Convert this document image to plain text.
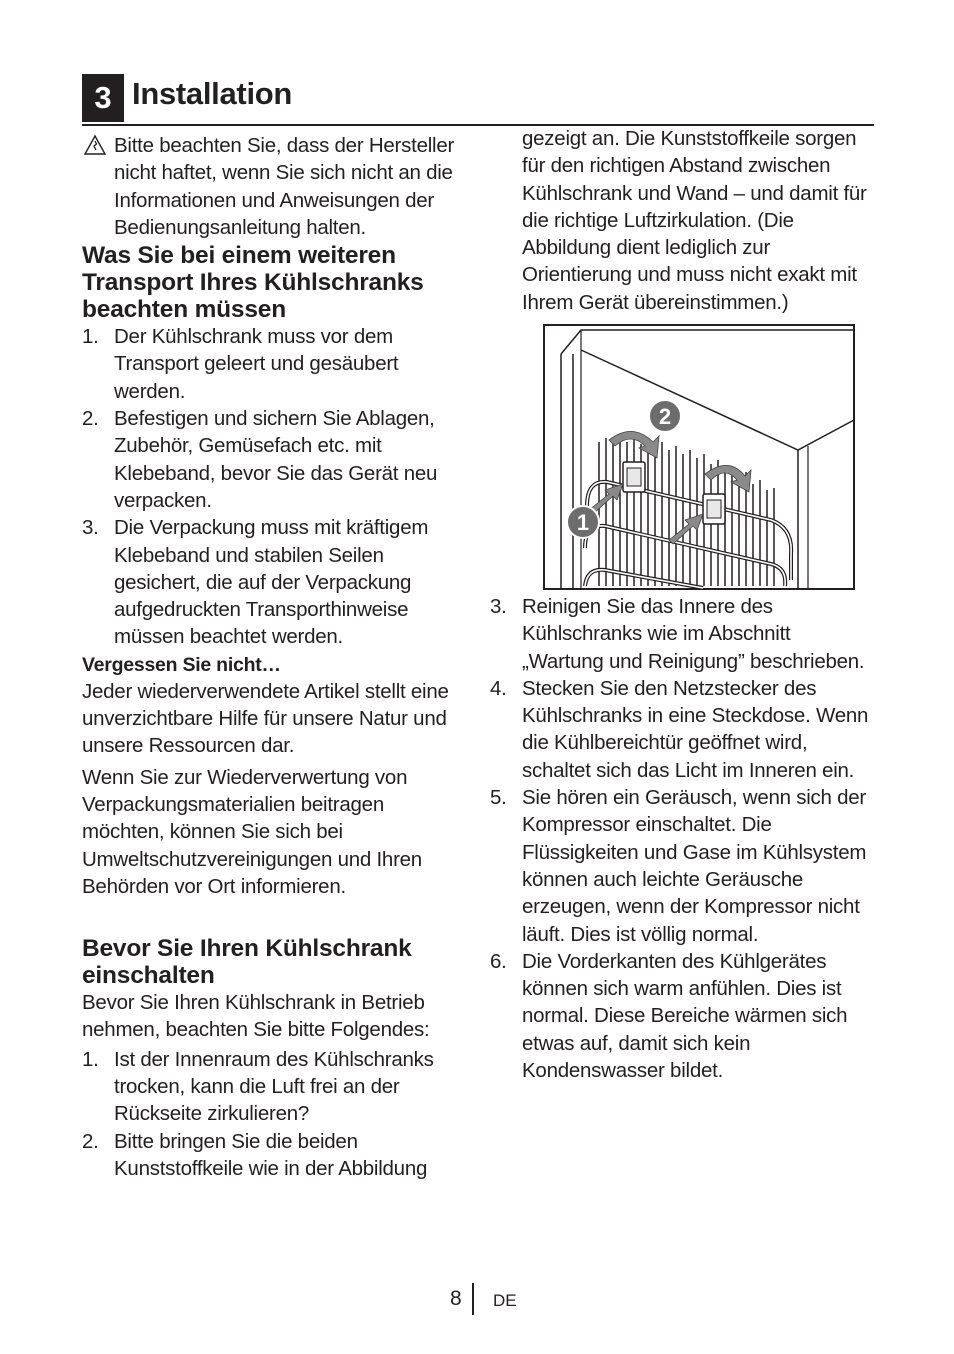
3 Installation

Bitte beachten Sie, dass der Hersteller nicht haftet, wenn Sie sich nicht an die Informationen und Anweisungen der Bedienungsanleitung halten.

Was Sie bei einem weiteren Transport Ihres Kühlschranks beachten müssen

1. Der Kühlschrank muss vor dem Transport geleert und gesäubert werden.
2. Befestigen und sichern Sie Ablagen, Zubehör, Gemüsefach etc. mit Klebeband, bevor Sie das Gerät neu verpacken.
3. Die Verpackung muss mit kräftigem Klebeband und stabilen Seilen gesichert, die auf der Verpackung aufgedruckten Transporthinweise müssen beachtet werden.

Vergessen Sie nicht…

Jeder wiederverwendete Artikel stellt eine unverzichtbare Hilfe für unsere Natur und unsere Ressourcen dar.

Wenn Sie zur Wiederverwertung von Verpackungsmaterialien beitragen möchten, können Sie sich bei Umweltschutzvereinigungen und Ihren Behörden vor Ort informieren.

Bevor Sie Ihren Kühlschrank einschalten

Bevor Sie Ihren Kühlschrank in Betrieb nehmen, beachten Sie bitte Folgendes:

1. Ist der Innenraum des Kühlschranks trocken, kann die Luft frei an der Rückseite zirkulieren?
2. Bitte bringen Sie die beiden Kunststoffkeile wie in der Abbildung

gezeigt an. Die Kunststoffkeile sorgen für den richtigen Abstand zwischen Kühlschrank und Wand – und damit für die richtige Luftzirkulation. (Die Abbildung dient lediglich zur Orientierung und muss nicht exakt mit Ihrem Gerät übereinstimmen.)

2
1
3. Reinigen Sie das Innere des Kühlschranks wie im Abschnitt „Wartung und Reinigung” beschrieben.
4. Stecken Sie den Netzstecker des Kühlschranks in eine Steckdose. Wenn die Kühlbereichtür geöffnet wird, schaltet sich das Licht im Inneren ein.
5. Sie hören ein Geräusch, wenn sich der Kompressor einschaltet. Die Flüssigkeiten und Gase im Kühlsystem können auch leichte Geräusche erzeugen, wenn der Kompressor nicht läuft. Dies ist völlig normal.
6. Die Vorderkanten des Kühlgerätes können sich warm anfühlen. Dies ist normal. Diese Bereiche wärmen sich etwas auf, damit sich kein Kondenswasser bildet.
8 DE
